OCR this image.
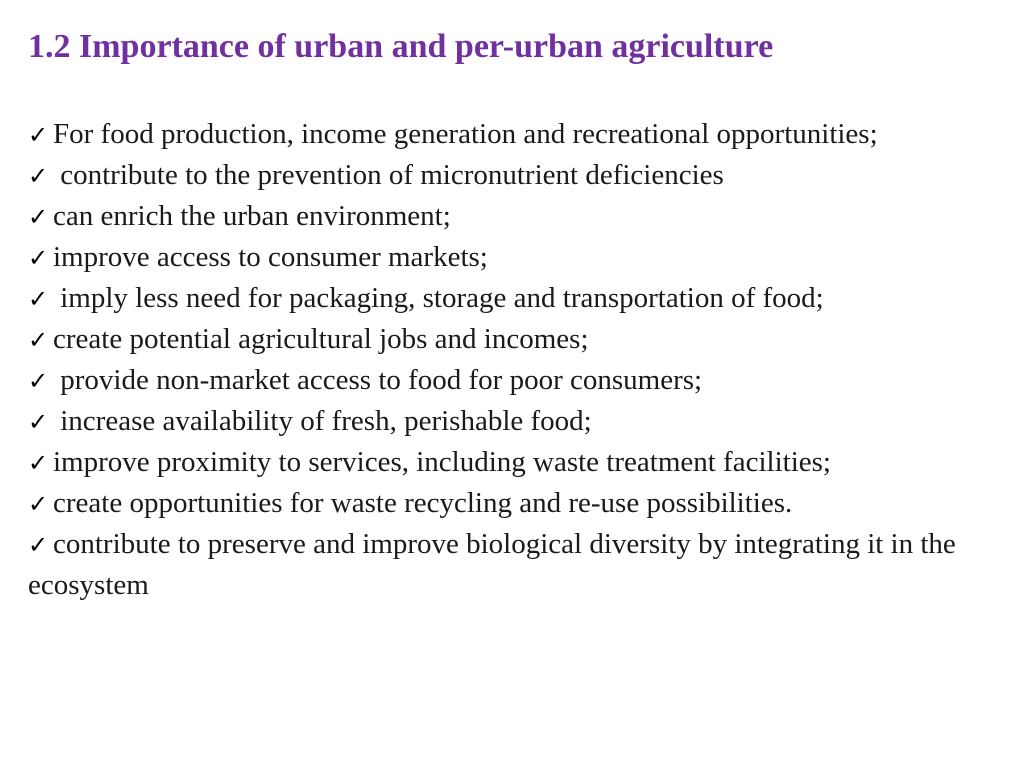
1.2 Importance of urban and per-urban agriculture
✓ For food production, income generation and recreational opportunities;
✓ contribute to the prevention of micronutrient deficiencies
✓ can enrich the urban environment;
✓ improve access to consumer markets;
✓ imply less need for packaging, storage and transportation of food;
✓ create potential agricultural jobs and incomes;
✓ provide non-market access to food for poor consumers;
✓ increase availability of fresh, perishable food;
✓ improve proximity to services, including waste treatment facilities;
✓ create opportunities for waste recycling and re-use possibilities.
✓ contribute to preserve and improve biological diversity by integrating it in the ecosystem
